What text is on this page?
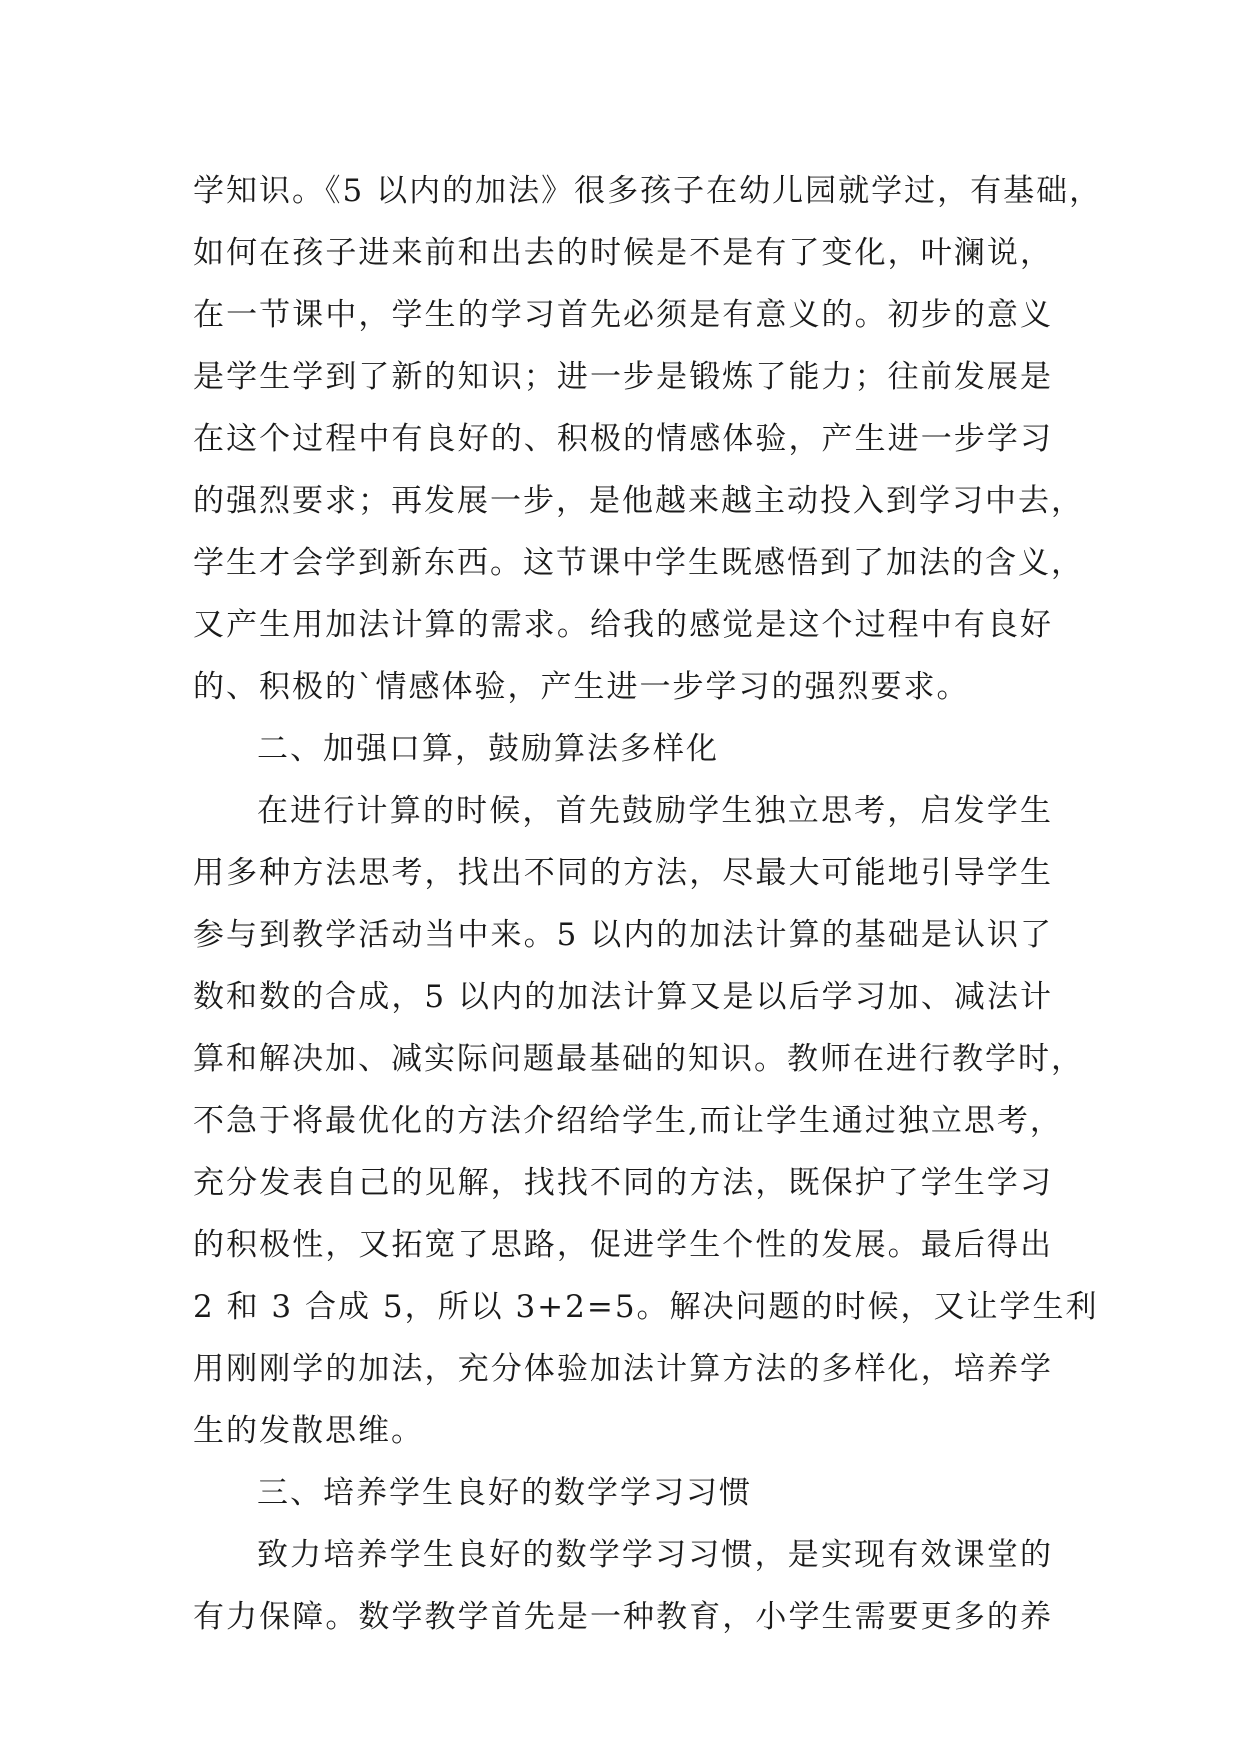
学知识。《5 以内的加法》很多孩子在幼儿园就学过，有基础，
如何在孩子进来前和出去的时候是不是有了变化，叶澜说，
在一节课中，学生的学习首先必须是有意义的。初步的意义
是学生学到了新的知识；进一步是锻炼了能力；往前发展是
在这个过程中有良好的、积极的情感体验，产生进一步学习
的强烈要求；再发展一步，是他越来越主动投入到学习中去，
学生才会学到新东西。这节课中学生既感悟到了加法的含义，
又产生用加法计算的需求。给我的感觉是这个过程中有良好
的、积极的`情感体验，产生进一步学习的强烈要求。
二、加强口算，鼓励算法多样化
在进行计算的时候，首先鼓励学生独立思考，启发学生
用多种方法思考，找出不同的方法，尽最大可能地引导学生
参与到教学活动当中来。5 以内的加法计算的基础是认识了
数和数的合成，5 以内的加法计算又是以后学习加、减法计
算和解决加、减实际问题最基础的知识。教师在进行教学时，
不急于将最优化的方法介绍给学生,而让学生通过独立思考，
充分发表自己的见解，找找不同的方法，既保护了学生学习
的积极性，又拓宽了思路，促进学生个性的发展。最后得出
2 和 3 合成 5，所以 3+2=5。解决问题的时候，又让学生利
用刚刚学的加法，充分体验加法计算方法的多样化，培养学
生的发散思维。
三、培养学生良好的数学学习习惯
致力培养学生良好的数学学习习惯，是实现有效课堂的
有力保障。数学教学首先是一种教育，小学生需要更多的养
